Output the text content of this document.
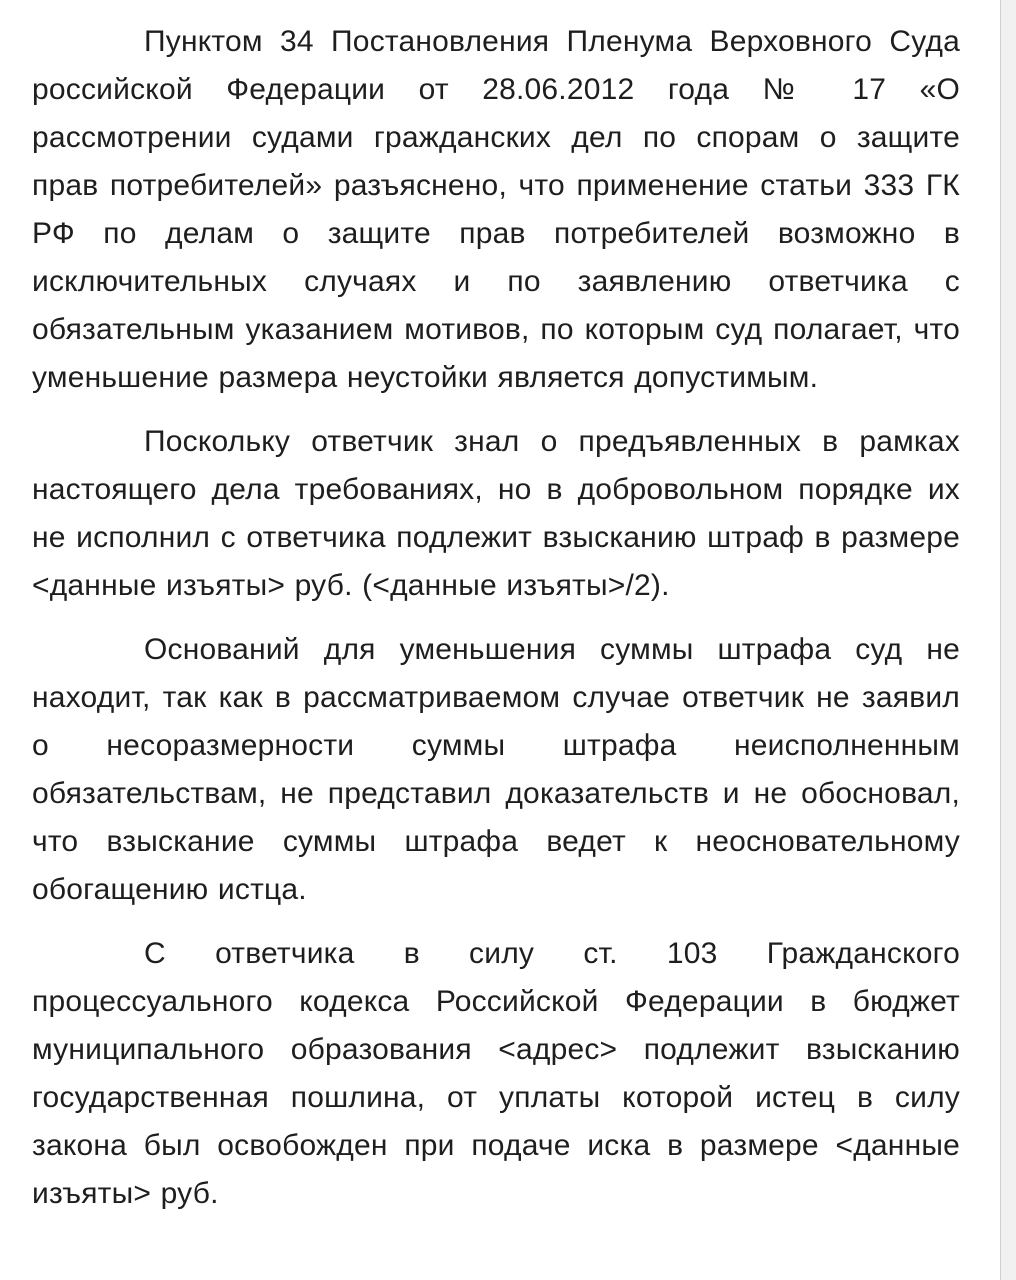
Пунктом 34 Постановления Пленума Верховного Суда российской Федерации от 28.06.2012 года № 17 «О рассмотрении судами гражданских дел по спорам о защите прав потребителей» разъяснено, что применение статьи 333 ГК РФ по делам о защите прав потребителей возможно в исключительных случаях и по заявлению ответчика с обязательным указанием мотивов, по которым суд полагает, что уменьшение размера неустойки является допустимым.

Поскольку ответчик знал о предъявленных в рамках настоящего дела требованиях, но в добровольном порядке их не исполнил с ответчика подлежит взысканию штраф в размере <данные изъяты> руб. (<данные изъяты>/2).

Оснований для уменьшения суммы штрафа суд не находит, так как в рассматриваемом случае ответчик не заявил о несоразмерности суммы штрафа неисполненным обязательствам, не представил доказательств и не обосновал, что взыскание суммы штрафа ведет к неосновательному обогащению истца.

С ответчика в силу ст. 103 Гражданского процессуального кодекса Российской Федерации в бюджет муниципального образования <адрес> подлежит взысканию государственная пошлина, от уплаты которой истец в силу закона был освобожден при подаче иска в размере <данные изъяты> руб.
